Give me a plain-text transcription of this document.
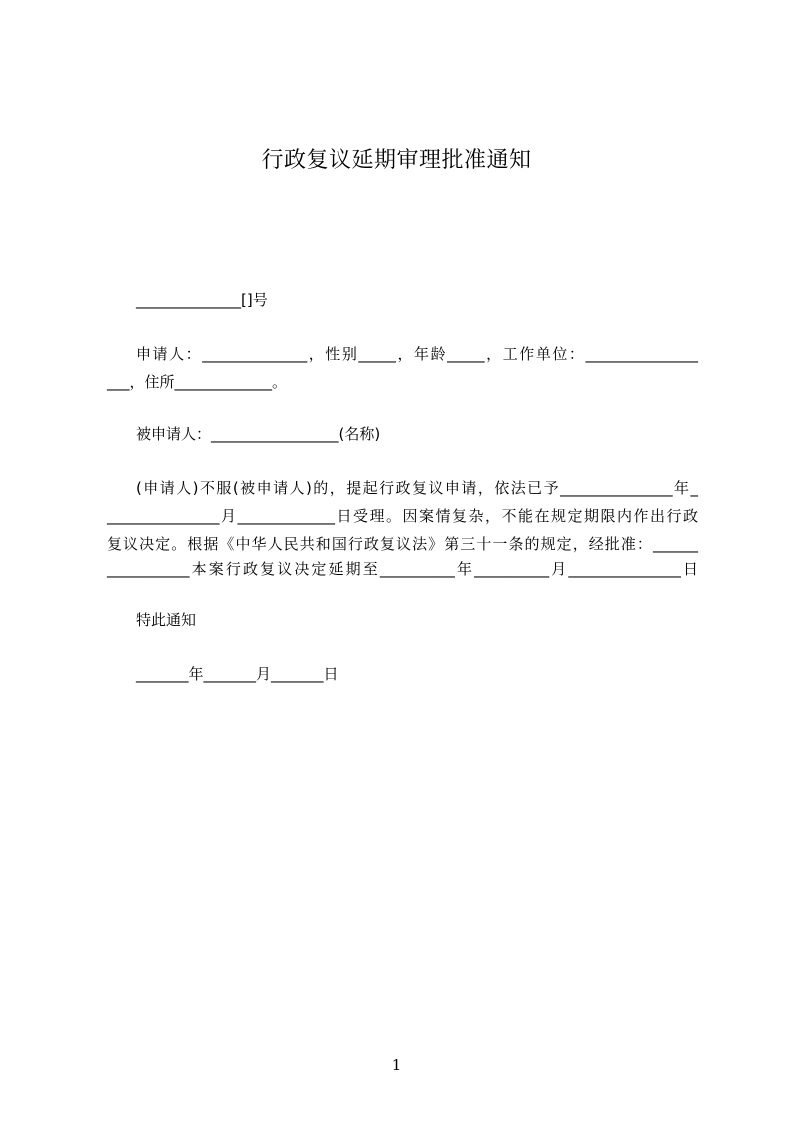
行政复议延期审理批准通知
______________[]号
申请人：______________，性别_____，年龄_____，工作单位：_______________
___，住所_____________。
被申请人：_________________(名称)
(申请人)不服(被申请人)的，提起行政复议申请，依法已予_______________年_
_______________月_____________日受理。因案情复杂，不能在规定期限内作出行政
复议决定。根据《中华人民共和国行政复议法》第三十一条的规定，经批准：______
___________本案行政复议决定延期至__________年__________月_______________日
特此通知
_______年_______月_______日
1
